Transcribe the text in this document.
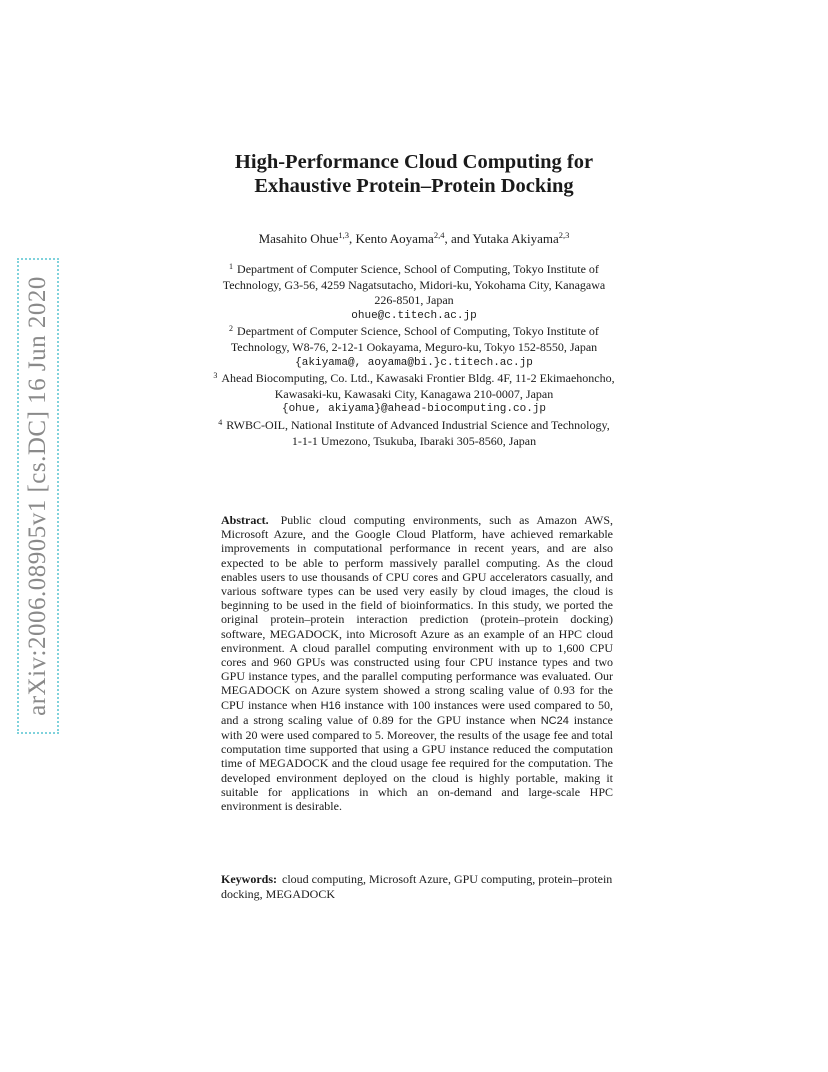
arXiv:2006.08905v1 [cs.DC] 16 Jun 2020
High-Performance Cloud Computing for
Exhaustive Protein–Protein Docking
Masahito Ohue$^{1,3}$, Kento Aoyama$^{2,4}$, and Yutaka Akiyama$^{2,3}$
$^1$ Department of Computer Science, School of Computing, Tokyo Institute of
Technology, G3-56, 4259 Nagatsutacho, Midori-ku, Yokohama City, Kanagawa
226-8501, Japan
ohue@c.titech.ac.jp
$^2$ Department of Computer Science, School of Computing, Tokyo Institute of
Technology, W8-76, 2-12-1 Ookayama, Meguro-ku, Tokyo 152-8550, Japan
{akiyama@, aoyama@bi.}c.titech.ac.jp
$^3$ Ahead Biocomputing, Co. Ltd., Kawasaki Frontier Bldg. 4F, 11-2 Ekimaehoncho,
Kawasaki-ku, Kawasaki City, Kanagawa 210-0007, Japan
{ohue, akiyama}@ahead-biocomputing.co.jp
$^4$ RWBC-OIL, National Institute of Advanced Industrial Science and Technology,
1-1-1 Umezono, Tsukuba, Ibaraki 305-8560, Japan
Abstract. Public cloud computing environments, such as Amazon AWS, Microsoft Azure, and the Google Cloud Platform, have achieved remarkable improvements in computational performance in recent years, and are also expected to be able to perform massively parallel computing. As the cloud enables users to use thousands of CPU cores and GPU accelerators casually, and various software types can be used very easily by cloud images, the cloud is beginning to be used in the field of bioinformatics. In this study, we ported the original protein–protein interaction prediction (protein–protein docking) software, MEGADOCK, into Microsoft Azure as an example of an HPC cloud environment. A cloud parallel computing environment with up to 1,600 CPU cores and 960 GPUs was constructed using four CPU instance types and two GPU instance types, and the parallel computing performance was evaluated. Our MEGADOCK on Azure system showed a strong scaling value of 0.93 for the CPU instance when H16 instance with 100 instances were used compared to 50, and a strong scaling value of 0.89 for the GPU instance when NC24 instance with 20 were used compared to 5. Moreover, the results of the usage fee and total computation time supported that using a GPU instance reduced the computation time of MEGADOCK and the cloud usage fee required for the computation. The developed environment deployed on the cloud is highly portable, making it suitable for applications in which an on-demand and large-scale HPC environment is desirable.
Keywords: cloud computing, Microsoft Azure, GPU computing, protein–protein docking, MEGADOCK
